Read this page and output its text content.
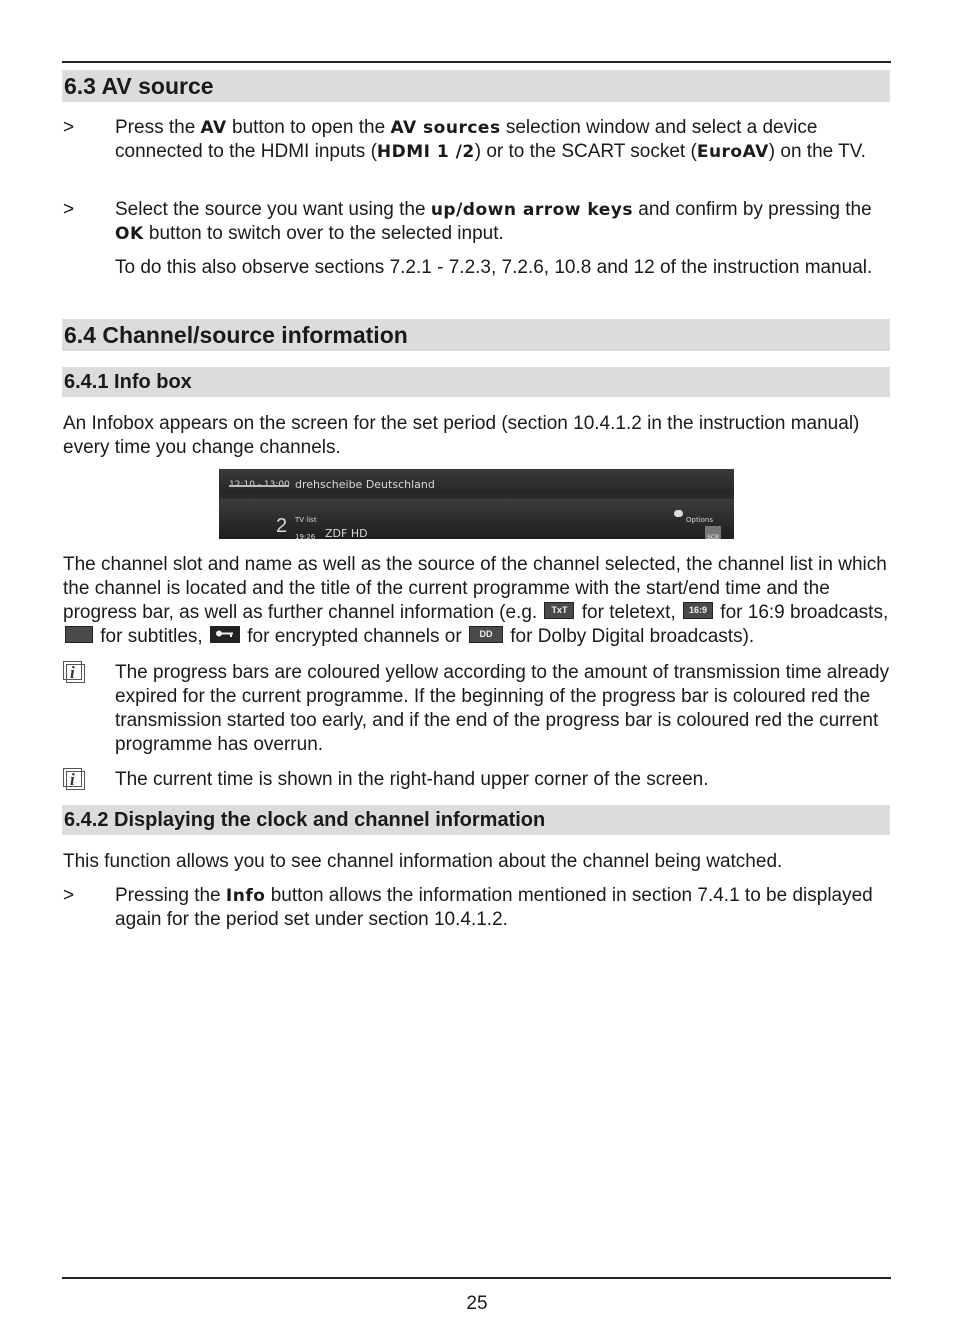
6.3 AV source
>	Press the AV button to open the AV sources selection window and select a device connected to the HDMI inputs (HDMI 1 /2) or to the SCART socket (EuroAV) on the TV.
>	Select the source you want using the up/down arrow keys and confirm by pressing the OK button to switch over to the selected input.
To do this also observe sections 7.2.1 - 7.2.3, 7.2.6, 10.8 and 12 of the instruction manual.
6.4 Channel/source information
6.4.1 Info box
An Infobox appears on the screen for the set period (section 10.4.1.2 in the instruction manual) every time you change channels.
drehscheibe Deutschland
TV list
2 19:26 ZDF HD
Options
SCR
The channel slot and name as well as the source of the channel selected, the channel list in which the channel is located and the title of the current programme with the start/end time and the progress bar, as well as further channel information (e.g. TxT for teletext, 16:9 for 16:9 broadcasts,  for subtitles,  for encrypted channels or DD for Dolby Digital broadcasts).
i The progress bars are coloured yellow according to the amount of transmission time already expired for the current programme. If the beginning of the progress bar is coloured red the transmission started too early, and if the end of the progress bar is coloured red the current programme has overrun.
i The current time is shown in the right-hand upper corner of the screen.
6.4.2 Displaying the clock and channel information
This function allows you to see channel information about the channel being watched.
>	Pressing the Info button allows the information mentioned in section 7.4.1 to be displayed again for the period set under section 10.4.1.2.
25
